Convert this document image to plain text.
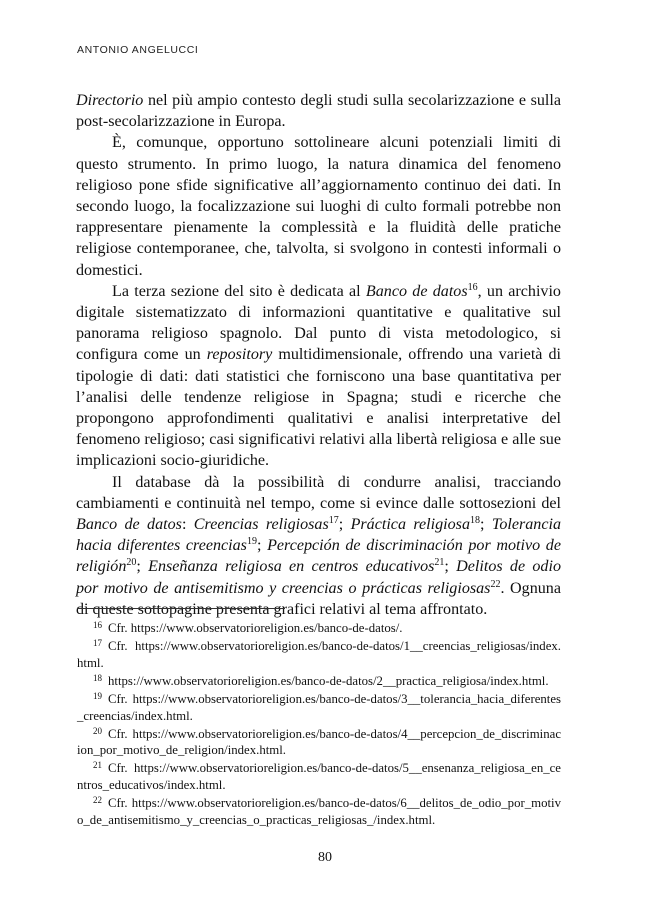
ANTONIO ANGELUCCI

Directorio nel più ampio contesto degli studi sulla secolarizzazione e sulla post-secolarizzazione in Europa.

È, comunque, opportuno sottolineare alcuni potenziali limiti di questo strumento. In primo luogo, la natura dinamica del fenomeno religioso pone sfide significative all’aggiornamento continuo dei dati. In secondo luogo, la focalizzazione sui luoghi di culto formali potrebbe non rappresentare pienamente la complessità e la fluidità delle pratiche religiose contemporanee, che, talvolta, si svolgono in contesti informali o domestici.

La terza sezione del sito è dedicata al Banco de datos$^{16}$, un archivio digitale sistematizzato di informazioni quantitative e qualitative sul panorama religioso spagnolo. Dal punto di vista metodologico, si configura come un repository multidimensionale, offrendo una varietà di tipologie di dati: dati statistici che forniscono una base quantitativa per l’analisi delle tendenze religiose in Spagna; studi e ricerche che propongono approfondimenti qualitativi e analisi interpretative del fenomeno religioso; casi significativi relativi alla libertà religiosa e alle sue implicazioni socio-giuridiche.

Il database dà la possibilità di condurre analisi, tracciando cambiamenti e continuità nel tempo, come si evince dalle sottosezioni del Banco de datos: Creencias religiosas$^{17}$; Práctica religiosa$^{18}$; Tolerancia hacia diferentes creencias$^{19}$; Percepción de discriminación por motivo de religión$^{20}$; Enseñanza religiosa en centros educativos$^{21}$; Delitos de odio por motivo de antisemitismo y creencias o prácticas religiosas$^{22}$. Ognuna di queste sottopagine presenta grafici relativi al tema affrontato.

$^{16}$ Cfr. https://www.observatorioreligion.es/banco-de-datos/.

$^{17}$ Cfr. https://www.observatorioreligion.es/banco-de-datos/1__creencias_religiosas/index.html.

$^{18}$ https://www.observatorioreligion.es/banco-de-datos/2__practica_religiosa/index.html.

$^{19}$ Cfr. https://www.observatorioreligion.es/banco-de-datos/3__tolerancia_hacia_diferentes_creencias/index.html.

$^{20}$ Cfr. https://www.observatorioreligion.es/banco-de-datos/4__percepcion_de_discriminacion_por_motivo_de_religion/index.html.

$^{21}$ Cfr. https://www.observatorioreligion.es/banco-de-datos/5__ensenanza_religiosa_en_centros_educativos/index.html.

$^{22}$ Cfr. https://www.observatorioreligion.es/banco-de-datos/6__delitos_de_odio_por_motivo_de_antisemitismo_y_creencias_o_practicas_religiosas_/index.html.

80
